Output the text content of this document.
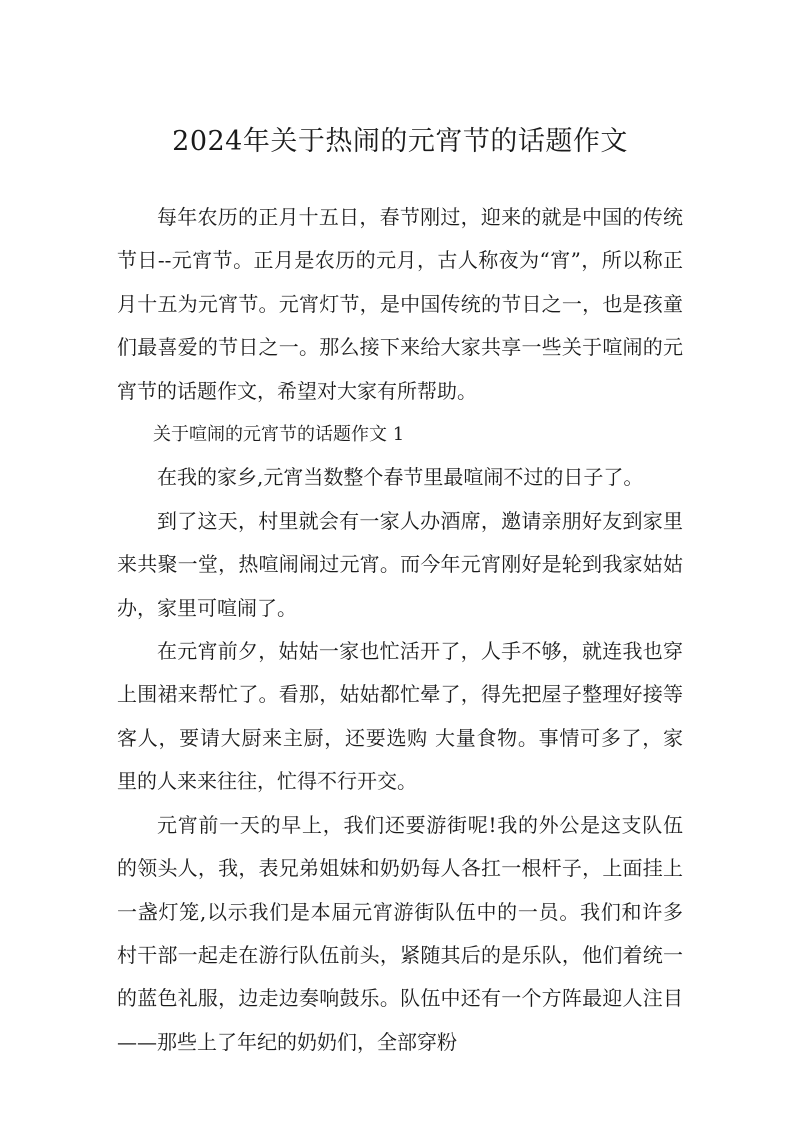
2024年关于热闹的元宵节的话题作文

每年农历的正月十五日，春节刚过，迎来的就是中国的传统节日--元宵节。正月是农历的元月，古人称夜为“宵”，所以称正月十五为元宵节。元宵灯节，是中国传统的节日之一，也是孩童们最喜爱的节日之一。那么接下来给大家共享一些关于喧闹的元宵节的话题作文，希望对大家有所帮助。

关于喧闹的元宵节的话题作文 1

在我的家乡,元宵当数整个春节里最喧闹不过的日子了。

到了这天，村里就会有一家人办酒席，邀请亲朋好友到家里来共聚一堂，热喧闹闹过元宵。而今年元宵刚好是轮到我家姑姑办，家里可喧闹了。

在元宵前夕，姑姑一家也忙活开了，人手不够，就连我也穿上围裙来帮忙了。看那，姑姑都忙晕了，得先把屋子整理好接等客人，要请大厨来主厨，还要选购 大量食物。事情可多了，家里的人来来往往，忙得不行开交。

元宵前一天的早上，我们还要游街呢!我的外公是这支队伍的领头人，我，表兄弟姐妹和奶奶每人各扛一根杆子，上面挂上一盏灯笼,以示我们是本届元宵游街队伍中的一员。我们和许多村干部一起走在游行队伍前头，紧随其后的是乐队，他们着统一的蓝色礼服，边走边奏响鼓乐。队伍中还有一个方阵最迎人注目——那些上了年纪的奶奶们，全部穿粉
